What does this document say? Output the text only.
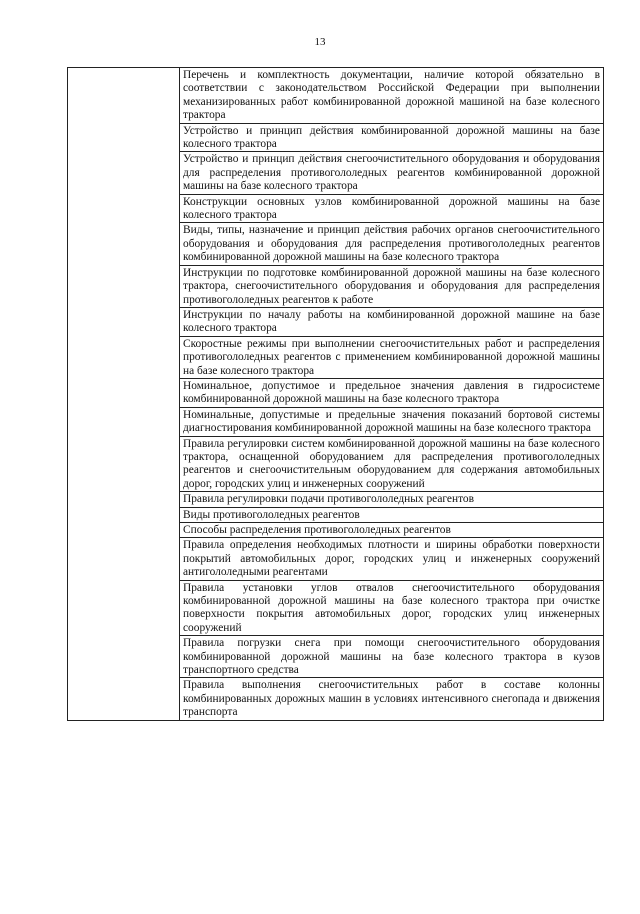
13
	Перечень и комплектность документации, наличие которой обязательно в соответствии с законодательством Российской Федерации при выполнении механизированных работ комбинированной дорожной машиной на базе колесного трактора
Устройство и принцип действия комбинированной дорожной машины на базе колесного трактора
Устройство и принцип действия снегоочистительного оборудования и оборудования для распределения противогололедных реагентов комбинированной дорожной машины на базе колесного трактора
Конструкции основных узлов комбинированной дорожной машины на базе колесного трактора
Виды, типы, назначение и принцип действия рабочих органов снегоочистительного оборудования и оборудования для распределения противогололедных реагентов комбинированной дорожной машины на базе колесного трактора
Инструкции по подготовке комбинированной дорожной машины на базе колесного трактора, снегоочистительного оборудования и оборудования для распределения противогололедных реагентов к работе
Инструкции по началу работы на комбинированной дорожной машине на базе колесного трактора
Скоростные режимы при выполнении снегоочистительных работ и распределения противогололедных реагентов с применением комбинированной дорожной машины на базе колесного трактора
Номинальное, допустимое и предельное значения давления в гидросистеме комбинированной дорожной машины на базе колесного трактора
Номинальные, допустимые и предельные значения показаний бортовой системы диагностирования комбинированной дорожной машины на базе колесного трактора
Правила регулировки систем комбинированной дорожной машины на базе колесного трактора, оснащенной оборудованием для распределения противогололедных реагентов и снегоочистительным оборудованием для содержания автомобильных дорог, городских улиц и инженерных сооружений
Правила регулировки подачи противогололедных реагентов
Виды противогололедных реагентов
Способы распределения противогололедных реагентов
Правила определения необходимых плотности и ширины обработки поверхности покрытий автомобильных дорог, городских улиц и инженерных сооружений антигололедными реагентами
Правила установки углов отвалов снегоочистительного оборудования комбинированной дорожной машины на базе колесного трактора при очистке поверхности покрытия автомобильных дорог, городских улиц инженерных сооружений
Правила погрузки снега при помощи снегоочистительного оборудования комбинированной дорожной машины на базе колесного трактора в кузов транспортного средства
Правила выполнения снегоочистительных работ в составе колонны комбинированных дорожных машин в условиях интенсивного снегопада и движения транспорта
